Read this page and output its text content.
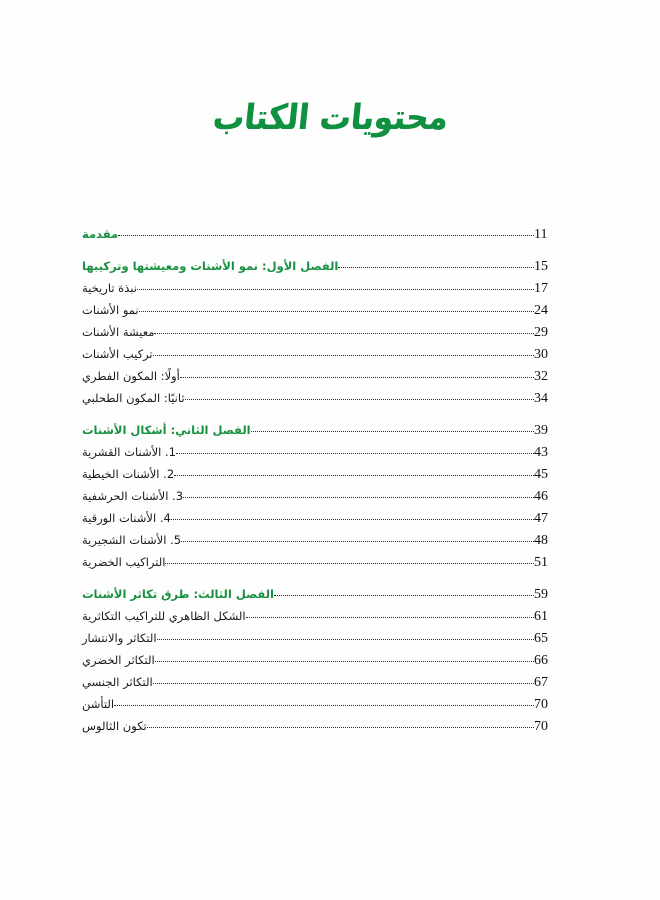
محتويات الكتاب
مقدمة	11
الفصل الأول: نمو الأشنات ومعيشتها وتركيبها	15
نبذة تاريخية	17
نمو الأشنات	24
معيشة الأشنات	29
تركيب الأشنات	30
أولًا: المكون الفطري	32
ثانيًا: المكون الطحلبي	34
الفصل الثاني: أشكال الأشنات	39
1. الأشنات القشرية	43
2. الأشنات الخيطية	45
3. الأشنات الحرشفية	46
4. الأشنات الورقية	47
5. الأشنات الشجيرية	48
التراكيب الخضرية	51
الفصل الثالث: طرق تكاثر الأشنات	59
الشكل الظاهري للتراكيب التكاثرية	61
التكاثر والانتشار	65
التكاثر الخضري	66
التكاثر الجنسي	67
التأشن	70
تكون الثالوس	70
